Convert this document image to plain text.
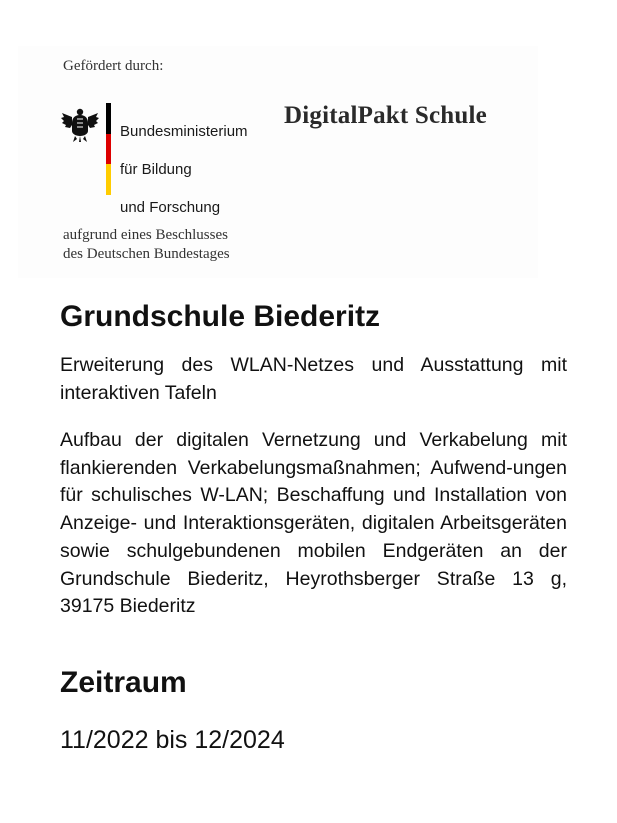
Gefördert durch:

Bundesministerium

für Bildung

und Forschung

DigitalPakt Schule
aufgrund eines Beschlusses
des Deutschen Bundestages
Grundschule Biederitz
Erweiterung des WLAN-Netzes und Ausstattung mit interaktiven Tafeln
Aufbau der digitalen Vernetzung und Verkabelung mit flankierenden Verkabelungsmaßnahmen; Aufwend-ungen für schulisches W-LAN; Beschaffung und Installation von Anzeige- und Interaktionsgeräten, digitalen Arbeitsgeräten sowie schulgebundenen mobilen Endgeräten an der Grundschule Biederitz, Heyrothsberger Straße 13 g, 39175 Biederitz
Zeitraum
11/2022 bis 12/2024
